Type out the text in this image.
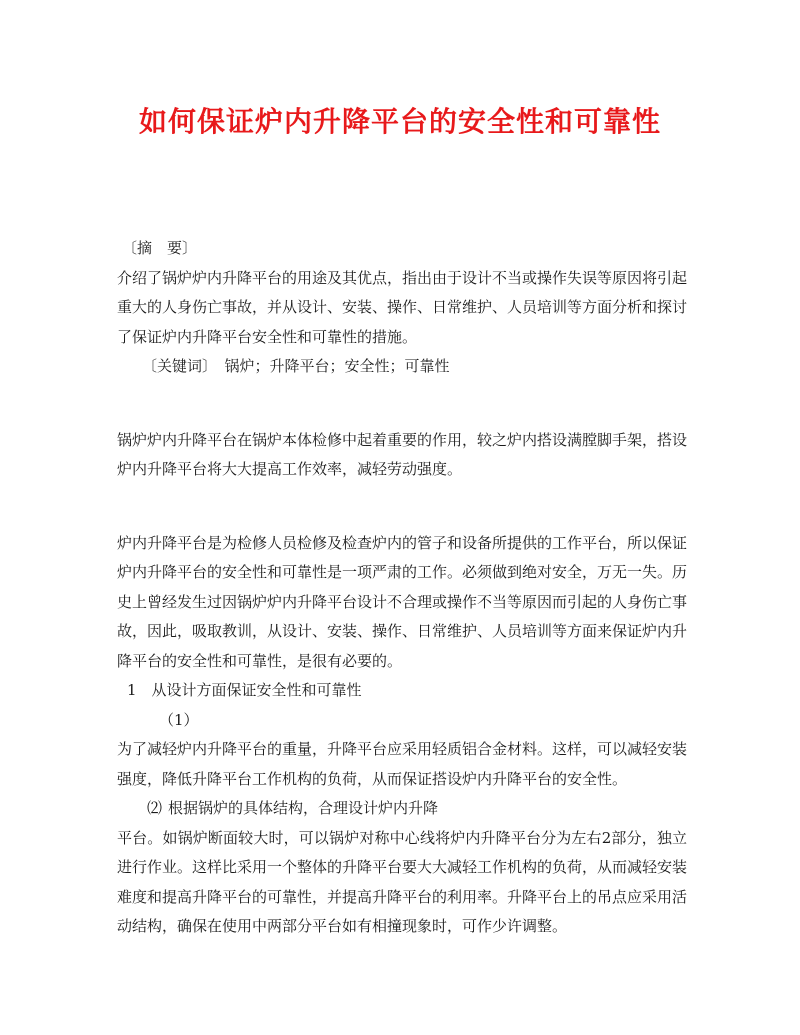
如何保证炉内升降平台的安全性和可靠性

〔摘　要〕

介绍了锅炉炉内升降平台的用途及其优点，指出由于设计不当或操作失误等原因将引起重大的人身伤亡事故，并从设计、安装、操作、日常维护、人员培训等方面分析和探讨了保证炉内升降平台安全性和可靠性的措施。

〔关键词〕　 锅炉；升降平台；安全性；可靠性

锅炉炉内升降平台在锅炉本体检修中起着重要的作用，较之炉内搭设满膛脚手架，搭设炉内升降平台将大大提高工作效率，减轻劳动强度。

炉内升降平台是为检修人员检修及检查炉内的管子和设备所提供的工作平台，所以保证炉内升降平台的安全性和可靠性是一项严肃的工作。必须做到绝对安全，万无一失。历史上曾经发生过因锅炉炉内升降平台设计不合理或操作不当等原因而引起的人身伤亡事故，因此，吸取教训，从设计、安装、操作、日常维护、人员培训等方面来保证炉内升降平台的安全性和可靠性，是很有必要的。

1　从设计方面保证安全性和可靠性

（1）

为了减轻炉内升降平台的重量，升降平台应采用轻质铝合金材料。这样，可以减轻安装强度，降低升降平台工作机构的负荷，从而保证搭设炉内升降平台的安全性。

⑵ 根据锅炉的具体结构，合理设计炉内升降

平台。如锅炉断面较大时，可以锅炉对称中心线将炉内升降平台分为左右2部分，独立进行作业。这样比采用一个整体的升降平台要大大减轻工作机构的负荷，从而减轻安装难度和提高升降平台的可靠性，并提高升降平台的利用率。升降平台上的吊点应采用活动结构，确保在使用中两部分平台如有相撞现象时，可作少许调整。
